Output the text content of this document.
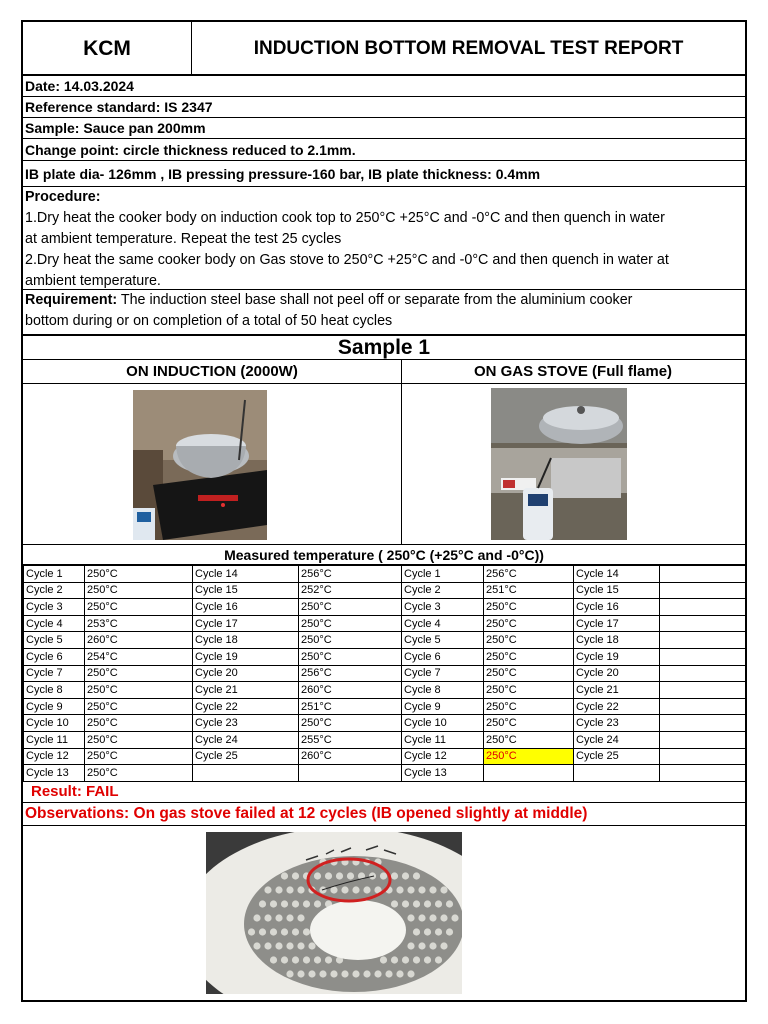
KCM	INDUCTION BOTTOM REMOVAL TEST REPORT
Date: 14.03.2024
Reference standard: IS 2347
Sample: Sauce pan 200mm
Change point: circle thickness reduced to 2.1mm.
IB plate dia- 126mm , IB pressing pressure-160 bar, IB plate thickness: 0.4mm
Procedure:
1.Dry heat the cooker body on induction cook top to 250°C +25°C and -0°C and then quench in water
at ambient temperature. Repeat the test 25 cycles
2.Dry heat the same cooker body on Gas stove to 250°C +25°C and -0°C and then quench in water at
ambient temperature.
Requirement: The induction steel base shall not peel off or separate from the aluminium cooker
bottom during or on completion of a total of 50 heat cycles
Sample 1
ON INDUCTION (2000W)	ON GAS STOVE (Full flame)
Measured temperature ( 250°C (+25°C and -0°C))
Cycle 1	250°C	Cycle 14	256°C	Cycle 1	256°C	Cycle 14	
Cycle 2	250°C	Cycle 15	252°C	Cycle 2	251°C	Cycle 15	
Cycle 3	250°C	Cycle 16	250°C	Cycle 3	250°C	Cycle 16	
Cycle 4	253°C	Cycle 17	250°C	Cycle 4	250°C	Cycle 17	
Cycle 5	260°C	Cycle 18	250°C	Cycle 5	250°C	Cycle 18	
Cycle 6	254°C	Cycle 19	250°C	Cycle 6	250°C	Cycle 19	
Cycle 7	250°C	Cycle 20	256°C	Cycle 7	250°C	Cycle 20	
Cycle 8	250°C	Cycle 21	260°C	Cycle 8	250°C	Cycle 21	
Cycle 9	250°C	Cycle 22	251°C	Cycle 9	250°C	Cycle 22	
Cycle 10	250°C	Cycle 23	250°C	Cycle 10	250°C	Cycle 23	
Cycle 11	250°C	Cycle 24	255°C	Cycle 11	250°C	Cycle 24	
Cycle 12	250°C	Cycle 25	260°C	Cycle 12	250°C	Cycle 25	
Cycle 13	250°C			Cycle 13			
Result: FAIL
Observations: On gas stove failed at 12 cycles (IB opened slightly at middle)
